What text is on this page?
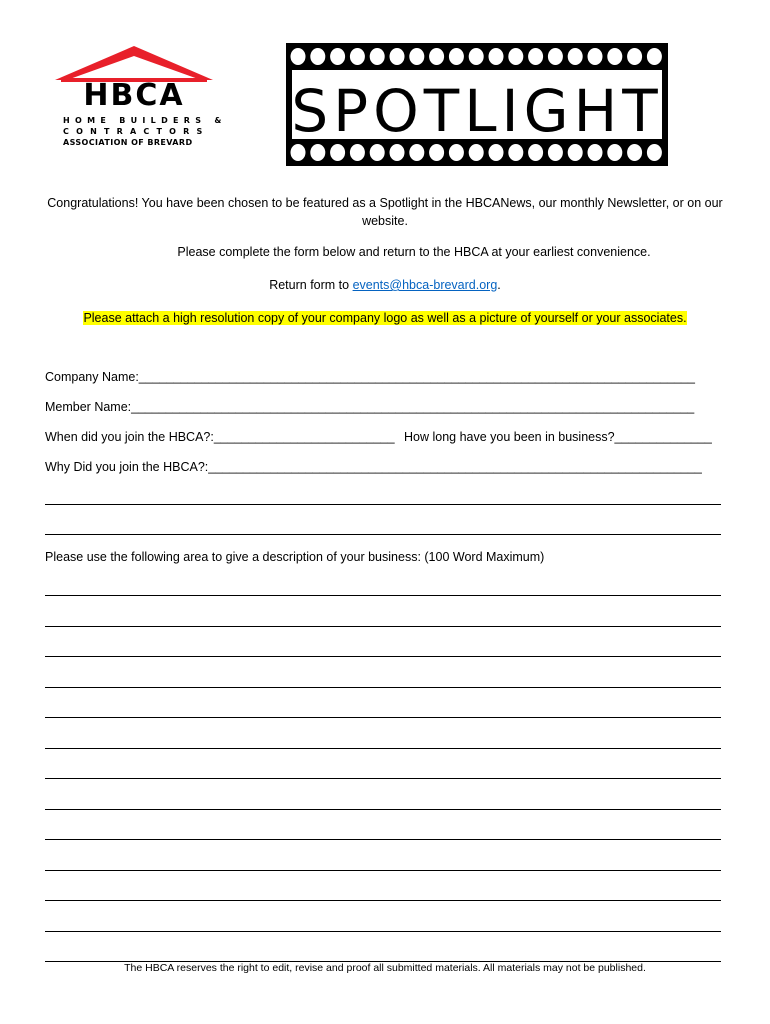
HBCA
HOME BUILDERS &
CONTRACTORS
ASSOCIATION OF BREVARD SPOTLIGHT
Congratulations! You have been chosen to be featured as a Spotlight in the HBCANews, our monthly Newsletter, or on our website.
Please complete the form below and return to the HBCA at your earliest convenience.
Return form to events@hbca-brevard.org.
Please attach a high resolution copy of your company logo as well as a picture of yourself or your associates.
Company Name:________________________________________________________________________________
Member Name:_________________________________________________________________________________
When did you join the HBCA?:__________________________ How long have you been in business?______________
Why Did you join the HBCA?:_______________________________________________________________________
Please use the following area to give a description of your business: (100 Word Maximum)
The HBCA reserves the right to edit, revise and proof all submitted materials. All materials may not be published.
